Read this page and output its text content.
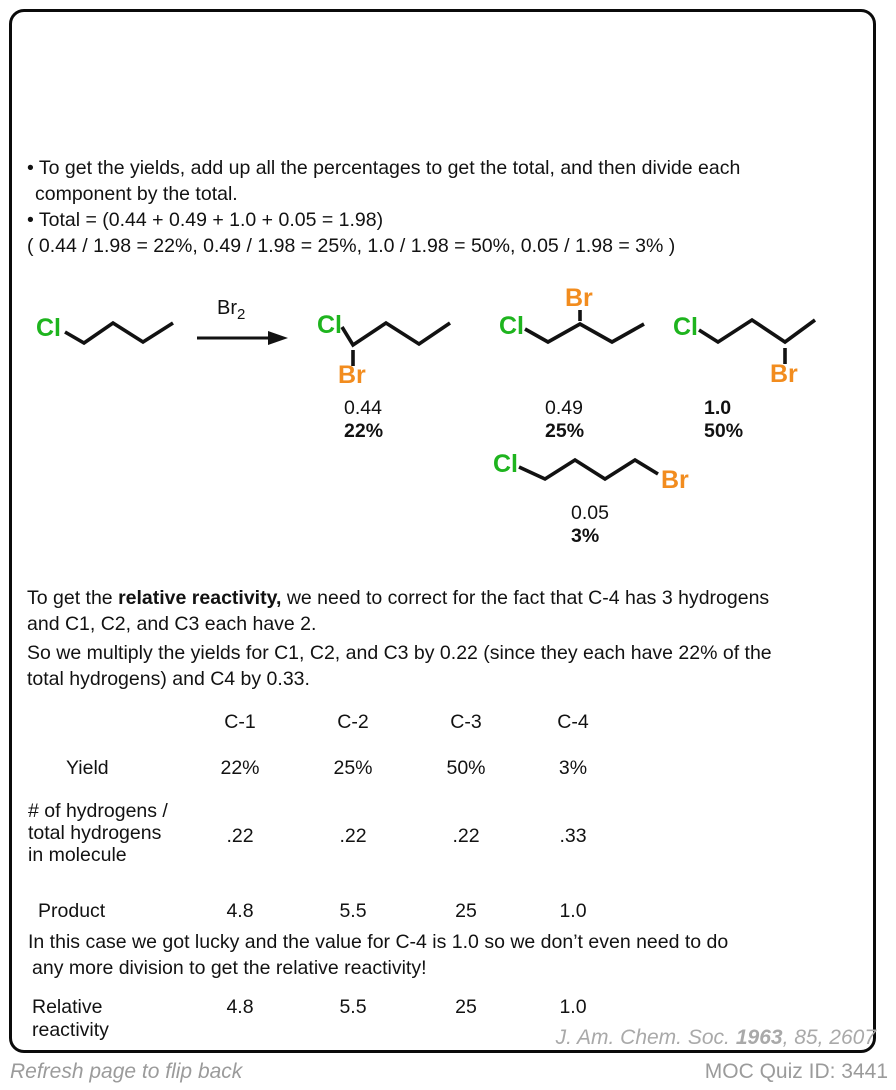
• To get the yields, add up all the percentages to get the total, and then divide each
component by the total.
• Total = (0.44 + 0.49 + 1.0 + 0.05 = 1.98)
( 0.44 / 1.98 = 22%, 0.49 / 1.98 = 25%, 1.0 / 1.98 = 50%, 0.05 / 1.98 = 3% )
Cl
$Br_2$	Cl
Br
0.44
22%
Br
Cl
0.49
25%
Cl
Br
1.0
50%
Cl
Br
0.05
3%
To get the relative reactivity, we need to correct for the fact that C-4 has 3 hydrogens
and C1, C2, and C3 each have 2.
So we multiply the yields for C1, C2, and C3 by 0.22 (since they each have 22% of the
total hydrogens) and C4 by 0.33.
C-1	C-2	C-3	C-4
Yield	22%	25%	50%	3%
# of hydrogens /
total hydrogens
in molecule
.22	.22	.22	.33
Product	4.8	5.5	25	1.0
In this case we got lucky and the value for C-4 is 1.0 so we don’t even need to do
any more division to get the relative reactivity!
Relative
reactivity
4.8	5.5	25	1.0
J. Am. Chem. Soc. 1963, 85, 2607
Refresh page to flip back	MOC Quiz ID: 3441
